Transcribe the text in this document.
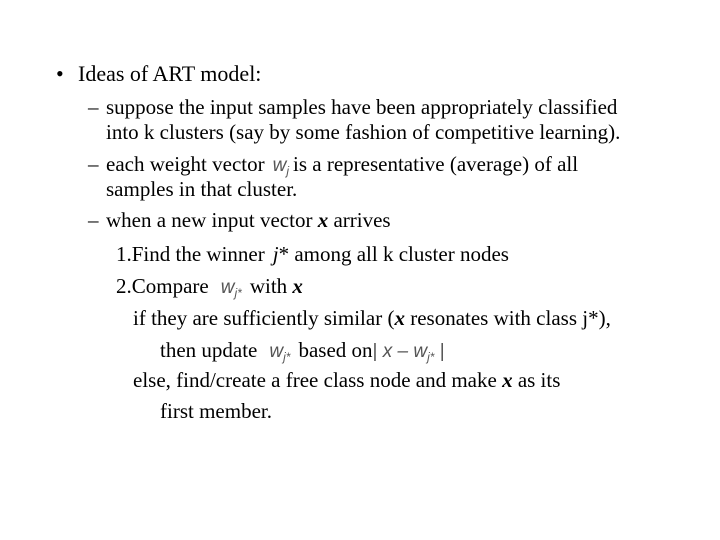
• Ideas of ART model:
– suppose the input samples have been appropriately classified
into k clusters (say by some fashion of competitive learning).
– each weight vector $w_j$ is a representative (average) of all
samples in that cluster.
– when a new input vector x arrives
1.Find the winner j* among all k cluster nodes
2.Compare $w_{j*}$ with x
if they are sufficiently similar (x resonates with class j*),
then update $w_{j*}$ based on| x – $w_{j*}$ |
else, find/create a free class node and make x as its
first member.
